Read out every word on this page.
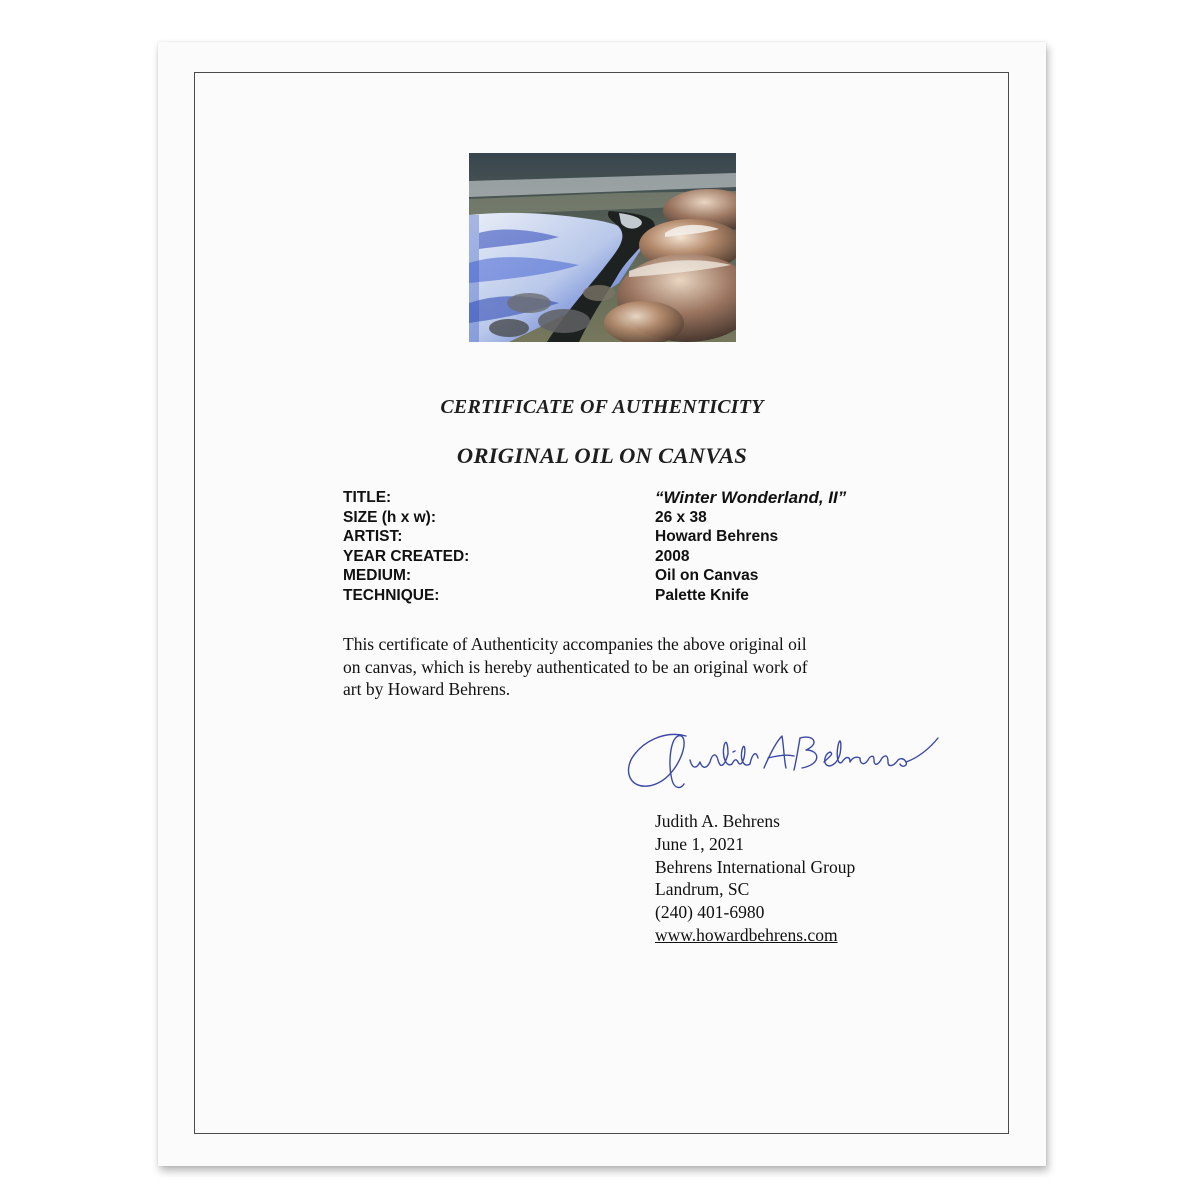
CERTIFICATE OF AUTHENTICITY
ORIGINAL OIL ON CANVAS
TITLE:	“Winter Wonderland, II”
SIZE (h x w):	26 x 38
ARTIST:	Howard Behrens
YEAR CREATED:	2008
MEDIUM:	Oil on Canvas
TECHNIQUE:	Palette Knife
This certificate of Authenticity accompanies the above original oil
on canvas, which is hereby authenticated to be an original work of
art by Howard Behrens.
Judith A. Behrens
June 1, 2021
Behrens International Group
Landrum, SC
(240) 401-6980
www.howardbehrens.com
